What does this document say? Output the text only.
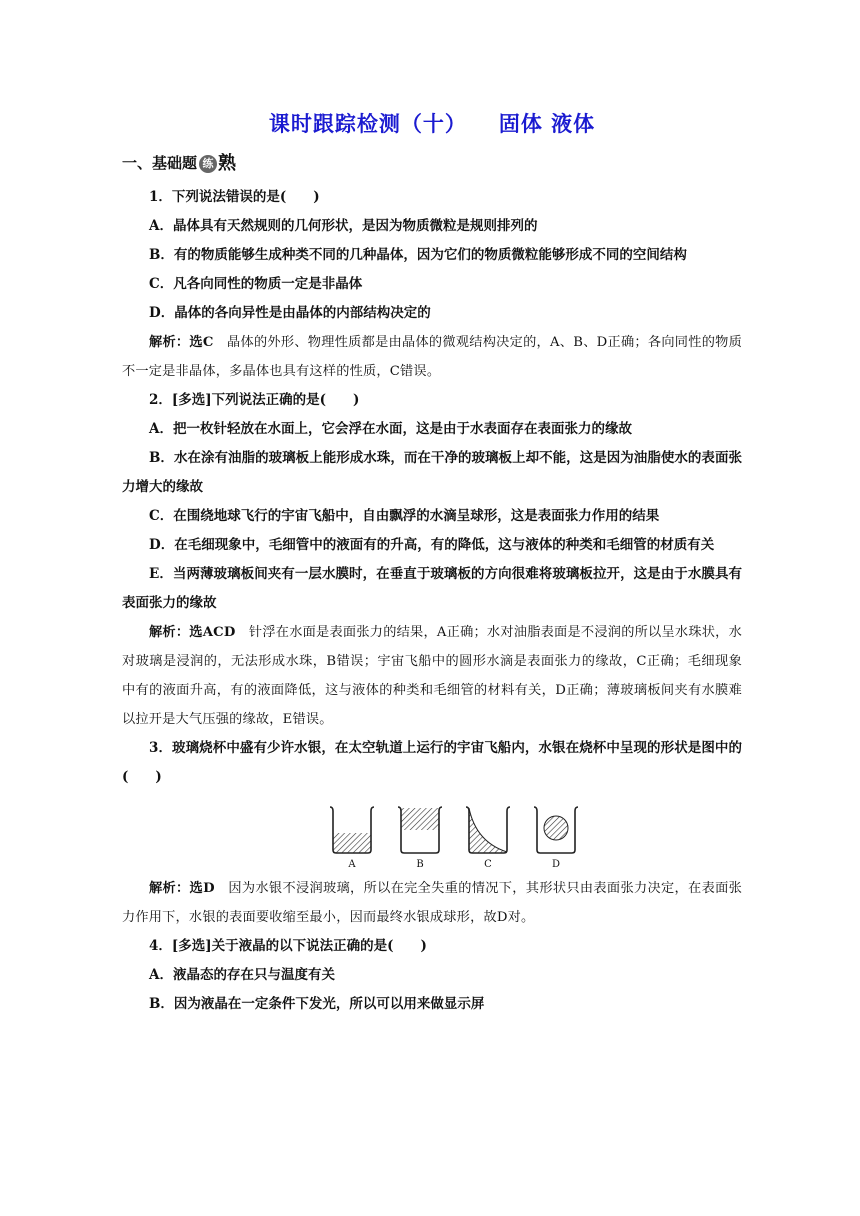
课时跟踪检测（十） 固体 液体
一、基础题 练 熟

1．下列说法错误的是(　　)

A．晶体具有天然规则的几何形状，是因为物质微粒是规则排列的

B．有的物质能够生成种类不同的几种晶体，因为它们的物质微粒能够形成不同的空间结构

C．凡各向同性的物质一定是非晶体

D．晶体的各向异性是由晶体的内部结构决定的

解析：选C　晶体的外形、物理性质都是由晶体的微观结构决定的，A、B、D正确；各向同性的物质不一定是非晶体，多晶体也具有这样的性质，C错误。

2．[多选]下列说法正确的是(　　)

A．把一枚针轻放在水面上，它会浮在水面，这是由于水表面存在表面张力的缘故

B．水在涂有油脂的玻璃板上能形成水珠，而在干净的玻璃板上却不能，这是因为油脂使水的表面张力增大的缘故

C．在围绕地球飞行的宇宙飞船中，自由飘浮的水滴呈球形，这是表面张力作用的结果

D．在毛细现象中，毛细管中的液面有的升高，有的降低，这与液体的种类和毛细管的材质有关

E．当两薄玻璃板间夹有一层水膜时，在垂直于玻璃板的方向很难将玻璃板拉开，这是由于水膜具有表面张力的缘故

解析：选ACD　针浮在水面是表面张力的结果，A正确；水对油脂表面是不浸润的所以呈水珠状，水对玻璃是浸润的，无法形成水珠，B错误；宇宙飞船中的圆形水滴是表面张力的缘故，C正确；毛细现象中有的液面升高，有的液面降低，这与液体的种类和毛细管的材料有关，D正确；薄玻璃板间夹有水膜难以拉开是大气压强的缘故，E错误。

3．玻璃烧杯中盛有少许水银，在太空轨道上运行的宇宙飞船内，水银在烧杯中呈现的形状是图中的(　　)

A	B	C	D

解析：选D　因为水银不浸润玻璃，所以在完全失重的情况下，其形状只由表面张力决定，在表面张力作用下，水银的表面要收缩至最小，因而最终水银成球形，故D对。

4．[多选]关于液晶的以下说法正确的是(　　)

A．液晶态的存在只与温度有关

B．因为液晶在一定条件下发光，所以可以用来做显示屏
